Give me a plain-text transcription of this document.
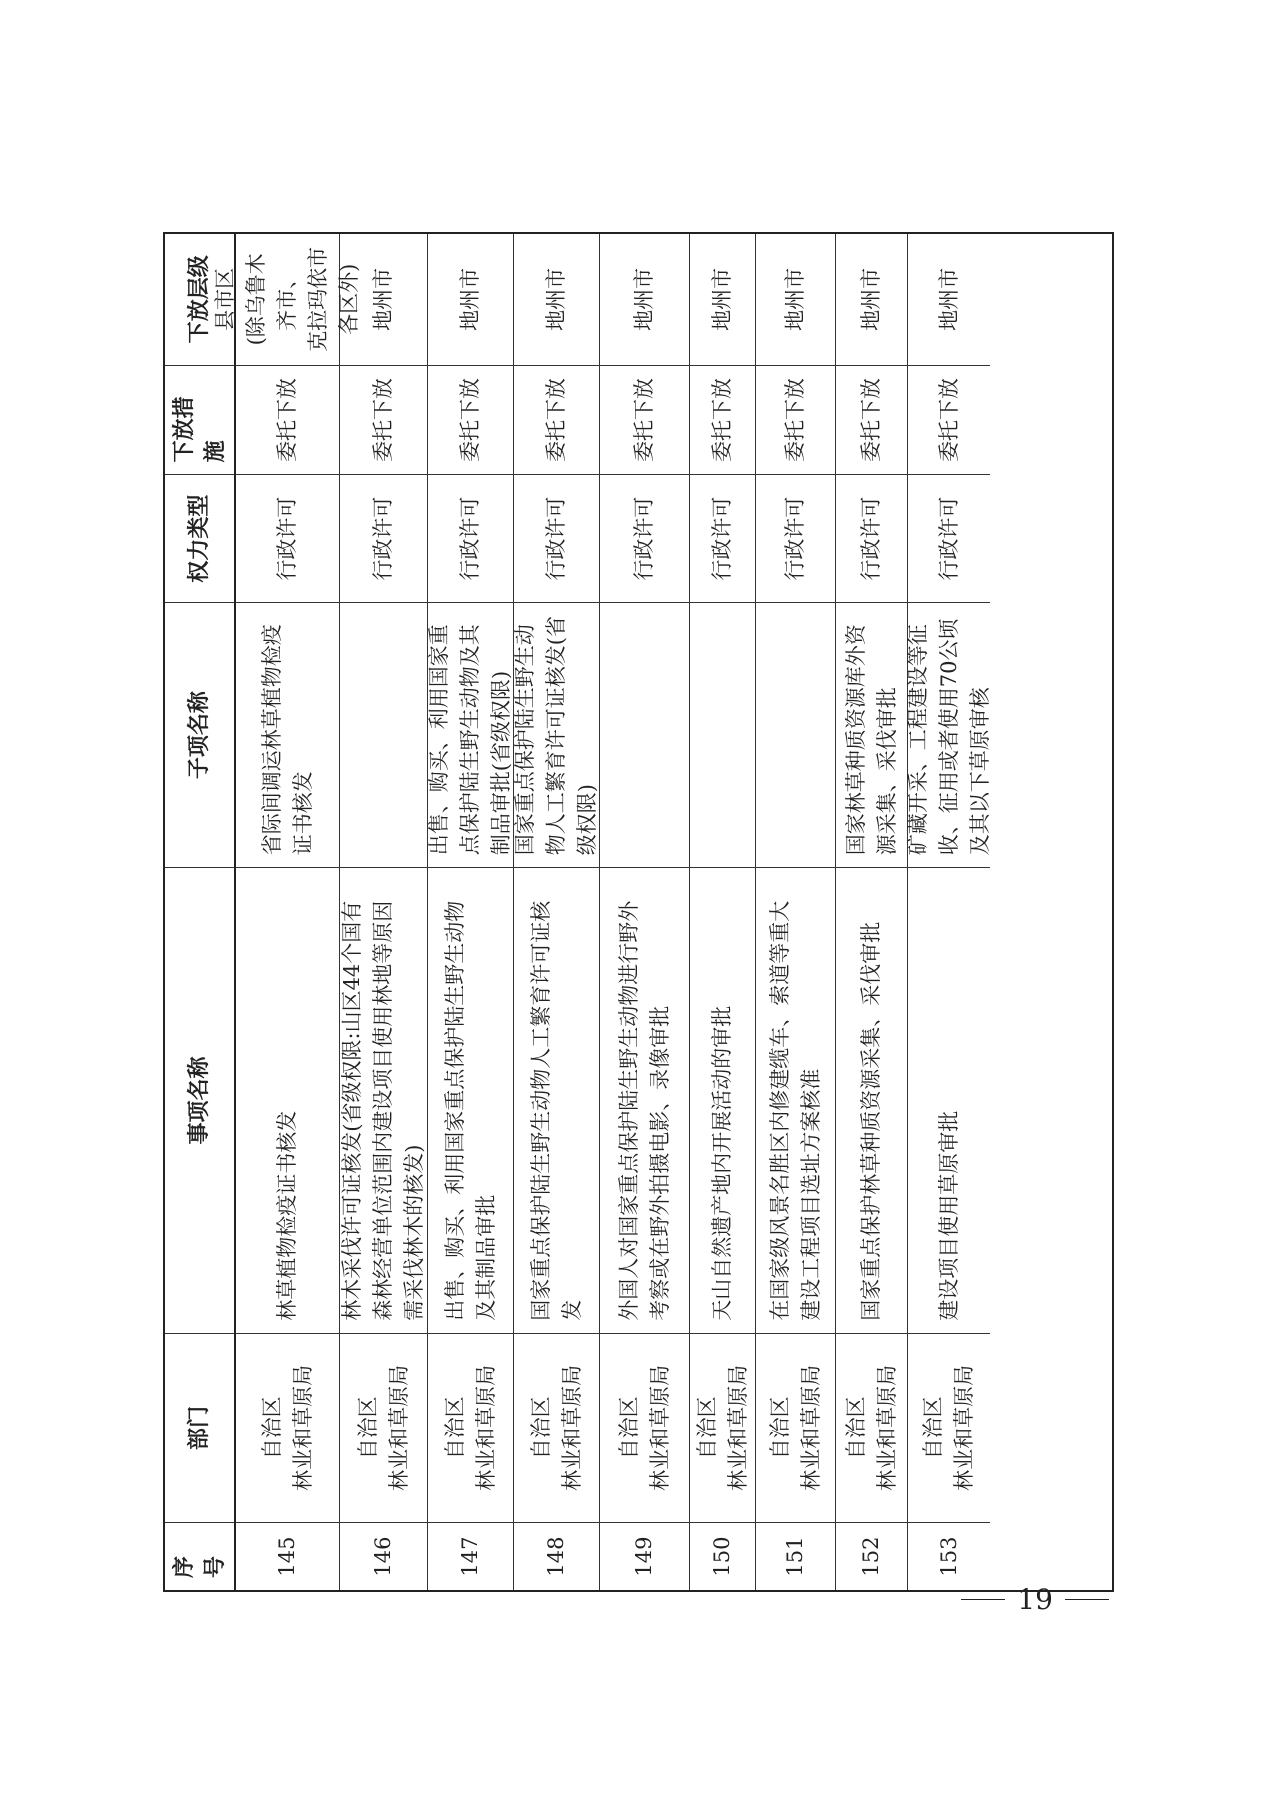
序号
部门
事项名称
子项名称
权力类型
下放措施
下放层级
145
自治区 林业和草原局
林草植物检疫证书核发
省际间调运林草植物检疫证书核发
行政许可
委托下放
县市区 (除乌鲁木齐市、 克拉玛依市 各区外)
146
自治区 林业和草原局
林木采伐许可证核发(省级权限:山区44个国有森林经营单位范围内建设项目使用林地等原因需采伐林木的核发)
行政许可
委托下放
地州市
147
自治区 林业和草原局
出售、购买、利用国家重点保护陆生野生动物及其制品审批
出售、购买、利用国家重点保护陆生野生动物及其制品审批(省级权限)
行政许可
委托下放
地州市
148
自治区 林业和草原局
国家重点保护陆生野生动物人工繁育许可证核发
国家重点保护陆生野生动物人工繁育许可证核发(省级权限)
行政许可
委托下放
地州市
149
自治区 林业和草原局
外国人对国家重点保护陆生野生动物进行野外考察或在野外拍摄电影、录像审批
行政许可
委托下放
地州市
150
自治区 林业和草原局
天山自然遗产地内开展活动的审批
行政许可
委托下放
地州市
151
自治区 林业和草原局
在国家级风景名胜区内修建缆车、索道等重大建设工程项目选址方案核准
行政许可
委托下放
地州市
152
自治区 林业和草原局
国家重点保护林草种质资源采集、采伐审批
国家林草种质资源库外资源采集、采伐审批
行政许可
委托下放
地州市
153
自治区 林业和草原局
建设项目使用草原审批
矿藏开采、工程建设等征收、征用或者使用70公顷及其以下草原审核
行政许可
委托下放
地州市
19
